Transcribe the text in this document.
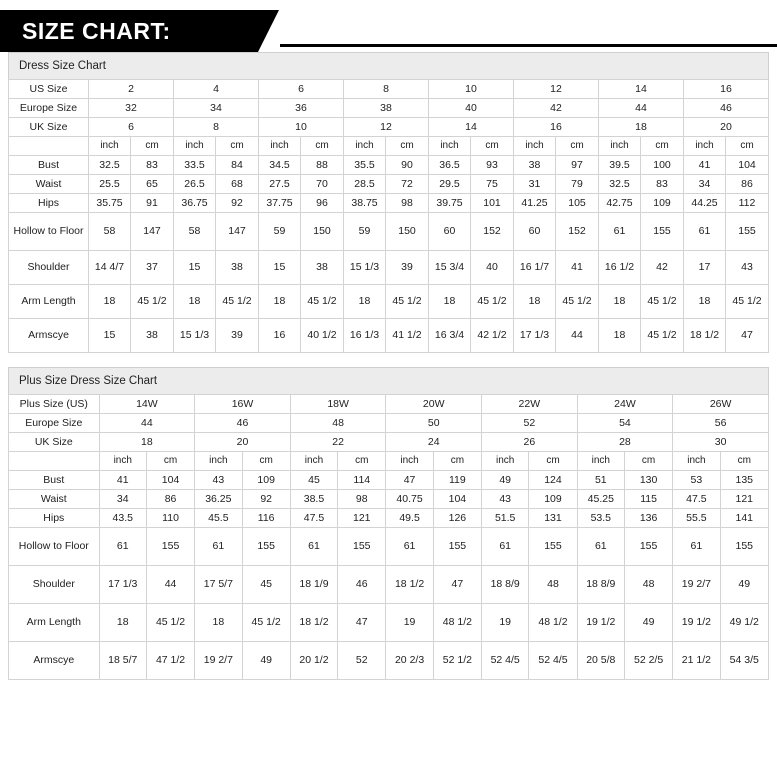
SIZE CHART:
Dress Size Chart
US Size	2		4		6		8		10		12		14		16	
Europe Size	32		34		36		38		40		42		44		46	
UK Size	6		8		10		12		14		16		18		20	
	inch	cm	inch	cm	inch	cm	inch	cm	inch	cm	inch	cm	inch	cm	inch	cm
Bust	32.5	83	33.5	84	34.5	88	35.5	90	36.5	93	38	97	39.5	100	41	104
Waist	25.5	65	26.5	68	27.5	70	28.5	72	29.5	75	31	79	32.5	83	34	86
Hips	35.75	91	36.75	92	37.75	96	38.75	98	39.75	101	41.25	105	42.75	109	44.25	112
Hollow to Floor	58	147	58	147	59	150	59	150	60	152	60	152	61	155	61	155
Shoulder	14 4/7	37	15	38	15	38	15 1/3	39	15 3/4	40	16 1/7	41	16 1/2	42	17	43
Arm Length	18	45 1/2	18	45 1/2	18	45 1/2	18	45 1/2	18	45 1/2	18	45 1/2	18	45 1/2	18	45 1/2
Armscye	15	38	15 1/3	39	16	40 1/2	16 1/3	41 1/2	16 3/4	42 1/2	17 1/3	44	18	45 1/2	18 1/2	47
Plus Size Dress Size Chart
Plus Size (US)	14W		16W		18W		20W		22W		24W		26W	
Europe Size	44		46		48		50		52		54		56	
UK Size	18		20		22		24		26		28		30	
	inch	cm	inch	cm	inch	cm	inch	cm	inch	cm	inch	cm	inch	cm
Bust	41	104	43	109	45	114	47	119	49	124	51	130	53	135
Waist	34	86	36.25	92	38.5	98	40.75	104	43	109	45.25	115	47.5	121
Hips	43.5	110	45.5	116	47.5	121	49.5	126	51.5	131	53.5	136	55.5	141
Hollow to Floor	61	155	61	155	61	155	61	155	61	155	61	155	61	155
Shoulder	17 1/3	44	17 5/7	45	18 1/9	46	18 1/2	47	18 8/9	48	18 8/9	48	19 2/7	49
Arm Length	18	45 1/2	18	45 1/2	18 1/2	47	19	48 1/2	19	48 1/2	19 1/2	49	19 1/2	49 1/2
Armscye	18 5/7	47 1/2	19 2/7	49	20 1/2	52	20 2/3	52 1/2	52 4/5	52 4/5	20 5/8	52 2/5	21 1/2	54 3/5
